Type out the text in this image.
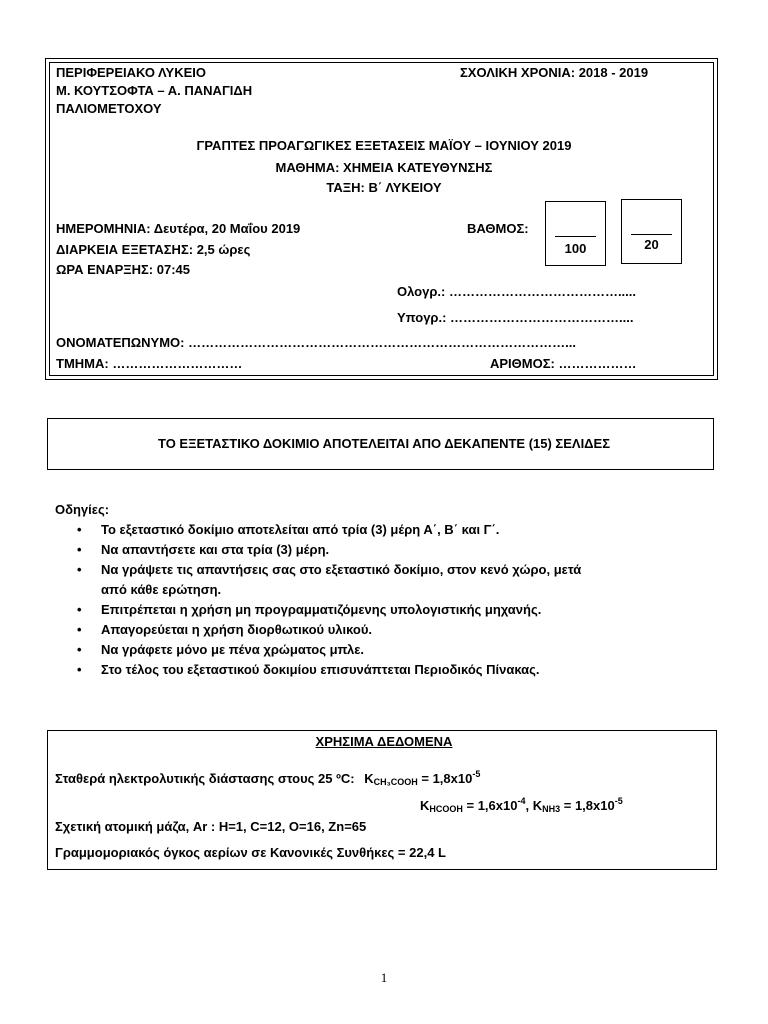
ΠΕΡΙΦΕΡΕΙΑΚΟ ΛΥΚΕΙΟ
Μ. ΚΟΥΤΣΟΦΤΑ – Α. ΠΑΝΑΓΙΔΗ
ΠΑΛΙΟΜΕΤΟΧΟΥ
ΣΧΟΛΙΚΗ ΧΡΟΝΙΑ: 2018 - 2019
ΓΡΑΠΤΕΣ ΠΡΟΑΓΩΓΙΚΕΣ ΕΞΕΤΑΣΕΙΣ ΜΑΪΟΥ – ΙΟΥΝΙΟΥ 2019
ΜΑΘΗΜΑ: ΧΗΜΕΙΑ ΚΑΤΕΥΘΥΝΣΗΣ
ΤΑΞΗ: Β΄ ΛΥΚΕΙΟΥ
ΗΜΕΡΟΜΗΝΙΑ: Δευτέρα, 20 Μαΐου 2019
ΔΙΑΡΚΕΙΑ ΕΞΕΤΑΣΗΣ: 2,5 ώρες
ΩΡΑ ΕΝΑΡΞΗΣ: 07:45
ΒΑΘΜΟΣ:
100	20
Ολογρ.: ………………………………….....
Υπογρ.: …………………………………....
ΟΝΟΜΑΤΕΠΩΝΥΜΟ: ……………………………………………………………………………...
ΤΜΗΜΑ: …………………………	ΑΡΙΘΜΟΣ: ………………
ΤΟ ΕΞΕΤΑΣΤΙΚΟ ΔΟΚΙΜΙΟ ΑΠΟΤΕΛΕΙΤΑΙ ΑΠΟ ΔΕΚΑΠΕΝΤΕ (15) ΣΕΛΙΔΕΣ
Οδηγίες:
• Το εξεταστικό δοκίμιο αποτελείται από τρία (3) μέρη Α΄, Β΄ και Γ΄.
• Να απαντήσετε και στα τρία (3) μέρη.
• Να γράψετε τις απαντήσεις σας στο εξεταστικό δοκίμιο, στον κενό χώρο, μετά
από κάθε ερώτηση.
• Επιτρέπεται η χρήση μη προγραμματιζόμενης υπολογιστικής μηχανής.
• Απαγορεύεται η χρήση διορθωτικού υλικού.
• Να γράφετε μόνο με πένα χρώματος μπλε.
• Στο τέλος του εξεταστικού δοκιμίου επισυνάπτεται Περιοδικός Πίνακας.
ΧΡΗΣΙΜΑ ΔΕΔΟΜΕΝΑ
Σταθερά ηλεκτρολυτικής διάστασης στους 25 ºC: $K_{CH_3COOH} = 1,8x10^{-5}$
$K_{HCOOH} = 1,6x10^{-4}$, $K_{NH3} = 1,8x10^{-5}$
Σχετική ατομική μάζα, Ar : H=1, C=12, O=16, Zn=65
Γραμμομοριακός όγκος αερίων σε Κανονικές Συνθήκες = 22,4 L
1
